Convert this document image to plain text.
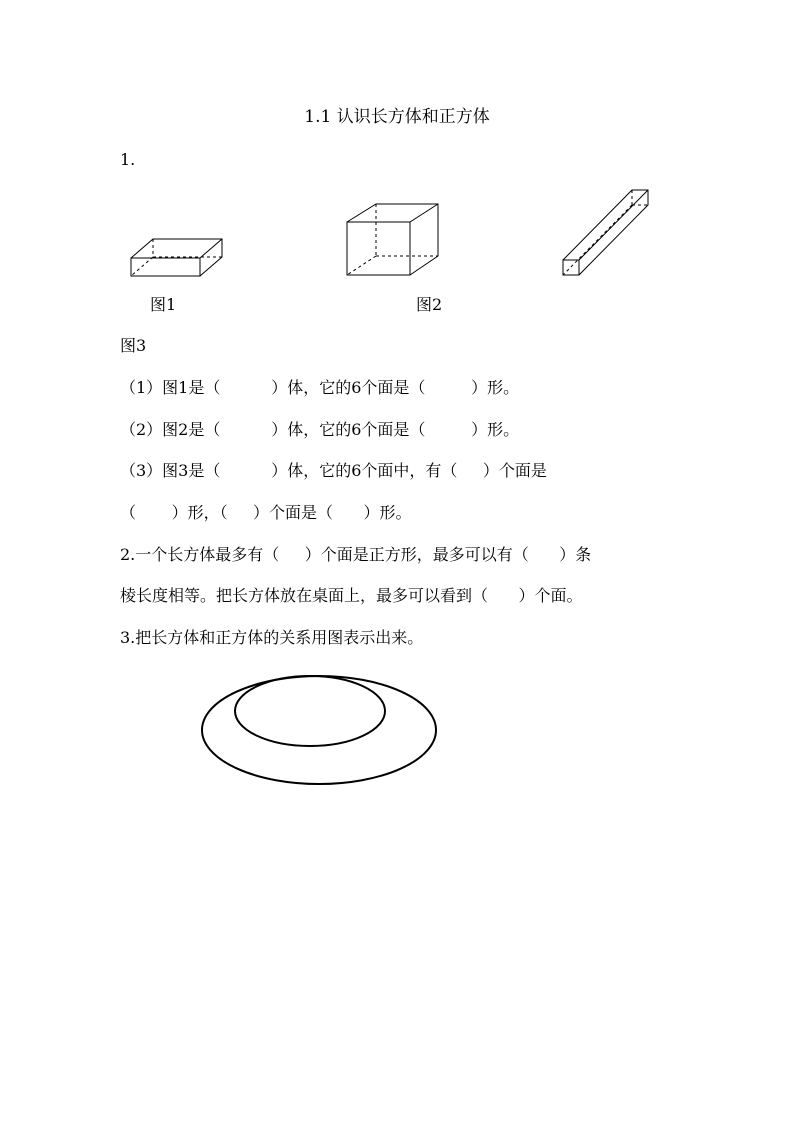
1.1 认识长方体和正方体
1.
图1	图2
图3
（1）图1是（          ）体，它的6个面是（         ）形。
（2）图2是（          ）体，它的6个面是（         ）形。
（3）图3是（          ）体，它的6个面中，有（     ）个面是
（       ）形，（     ）个面是（      ）形。
2.一个长方体最多有（     ）个面是正方形，最多可以有（      ）条
棱长度相等。把长方体放在桌面上，最多可以看到（      ）个面。
3.把长方体和正方体的关系用图表示出来。
